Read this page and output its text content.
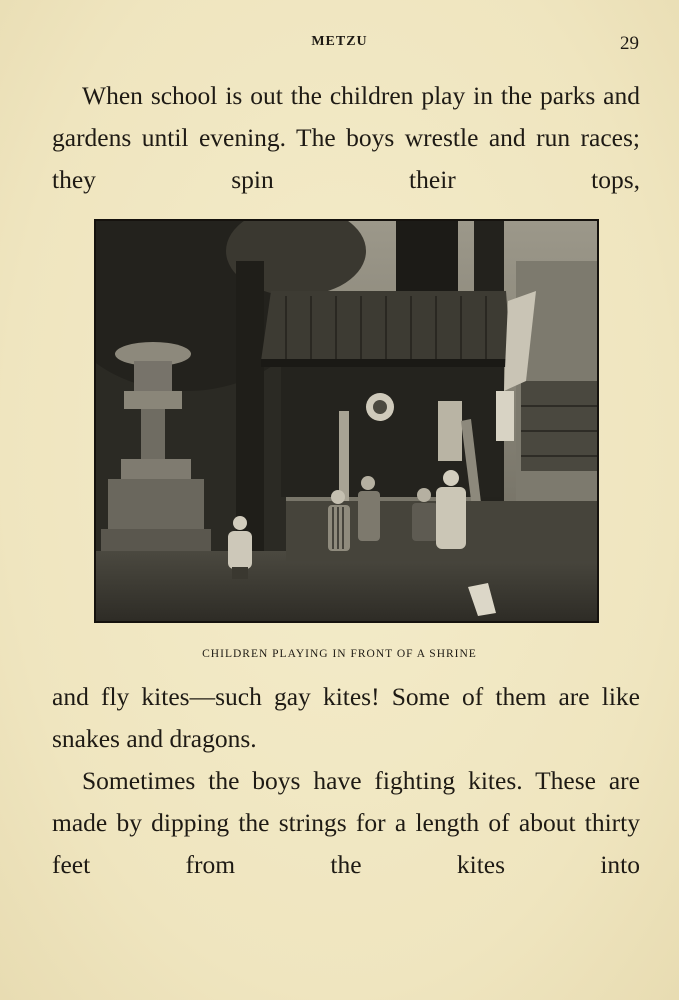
METZU	29

When school is out the children play in the parks and gardens until evening. The boys wrestle and run races; they spin their tops,

CHILDREN PLAYING IN FRONT OF A SHRINE

and fly kites—such gay kites! Some of them are like snakes and dragons.

Sometimes the boys have fighting kites. These are made by dipping the strings for a length of about thirty feet from the kites into
